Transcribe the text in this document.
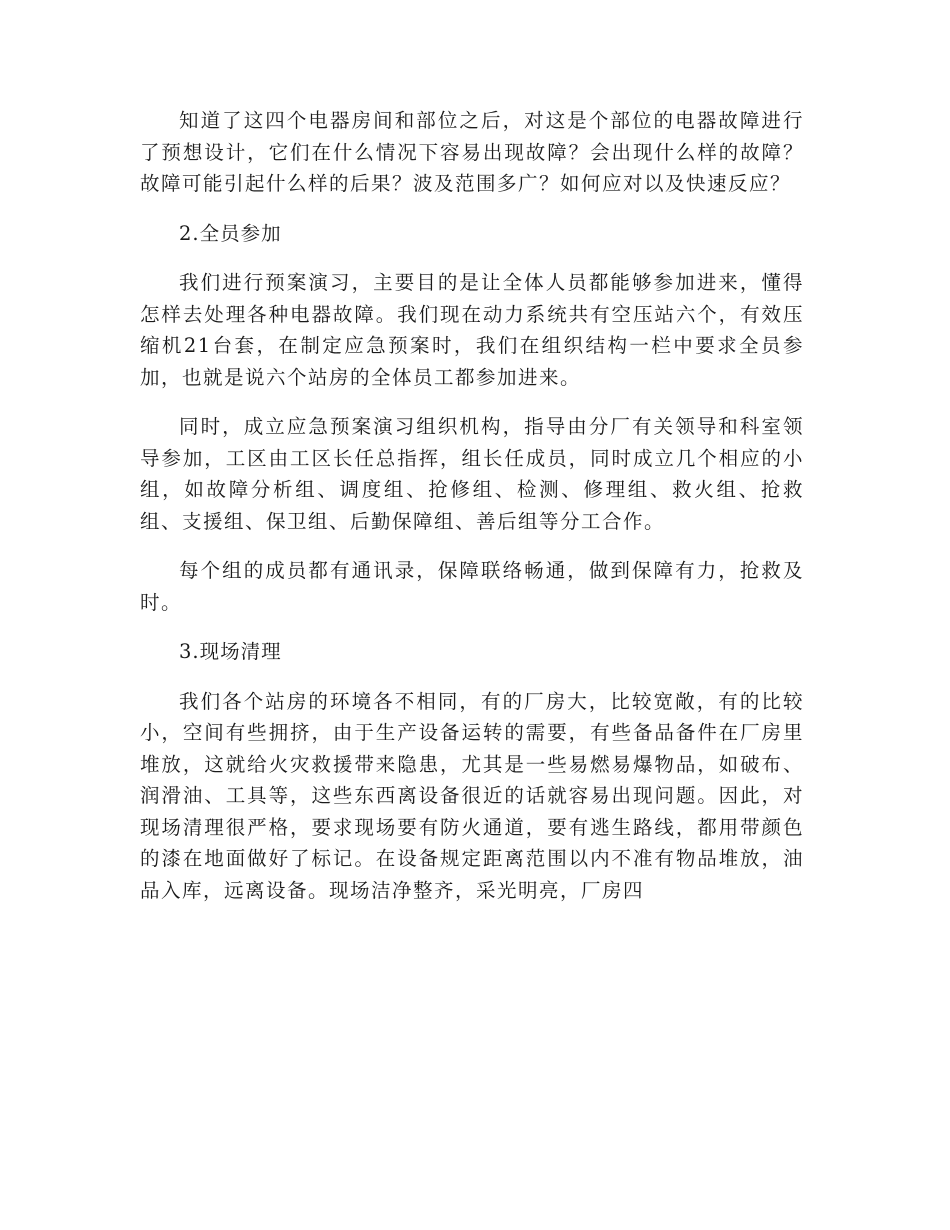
知道了这四个电器房间和部位之后，对这是个部位的电器故障进行了预想设计，它们在什么情况下容易出现故障？会出现什么样的故障？故障可能引起什么样的后果？波及范围多广？如何应对以及快速反应？

2.全员参加

我们进行预案演习，主要目的是让全体人员都能够参加进来，懂得怎样去处理各种电器故障。我们现在动力系统共有空压站六个，有效压缩机21台套，在制定应急预案时，我们在组织结构一栏中要求全员参加，也就是说六个站房的全体员工都参加进来。

同时，成立应急预案演习组织机构，指导由分厂有关领导和科室领导参加，工区由工区长任总指挥，组长任成员，同时成立几个相应的小组，如故障分析组、调度组、抢修组、检测、修理组、救火组、抢救组、支援组、保卫组、后勤保障组、善后组等分工合作。

每个组的成员都有通讯录，保障联络畅通，做到保障有力，抢救及时。

3.现场清理

我们各个站房的环境各不相同，有的厂房大，比较宽敞，有的比较小，空间有些拥挤，由于生产设备运转的需要，有些备品备件在厂房里堆放，这就给火灾救援带来隐患，尤其是一些易燃易爆物品，如破布、润滑油、工具等，这些东西离设备很近的话就容易出现问题。因此，对现场清理很严格，要求现场要有防火通道，要有逃生路线，都用带颜色的漆在地面做好了标记。在设备规定距离范围以内不准有物品堆放，油品入库，远离设备。现场洁净整齐，采光明亮，厂房四
